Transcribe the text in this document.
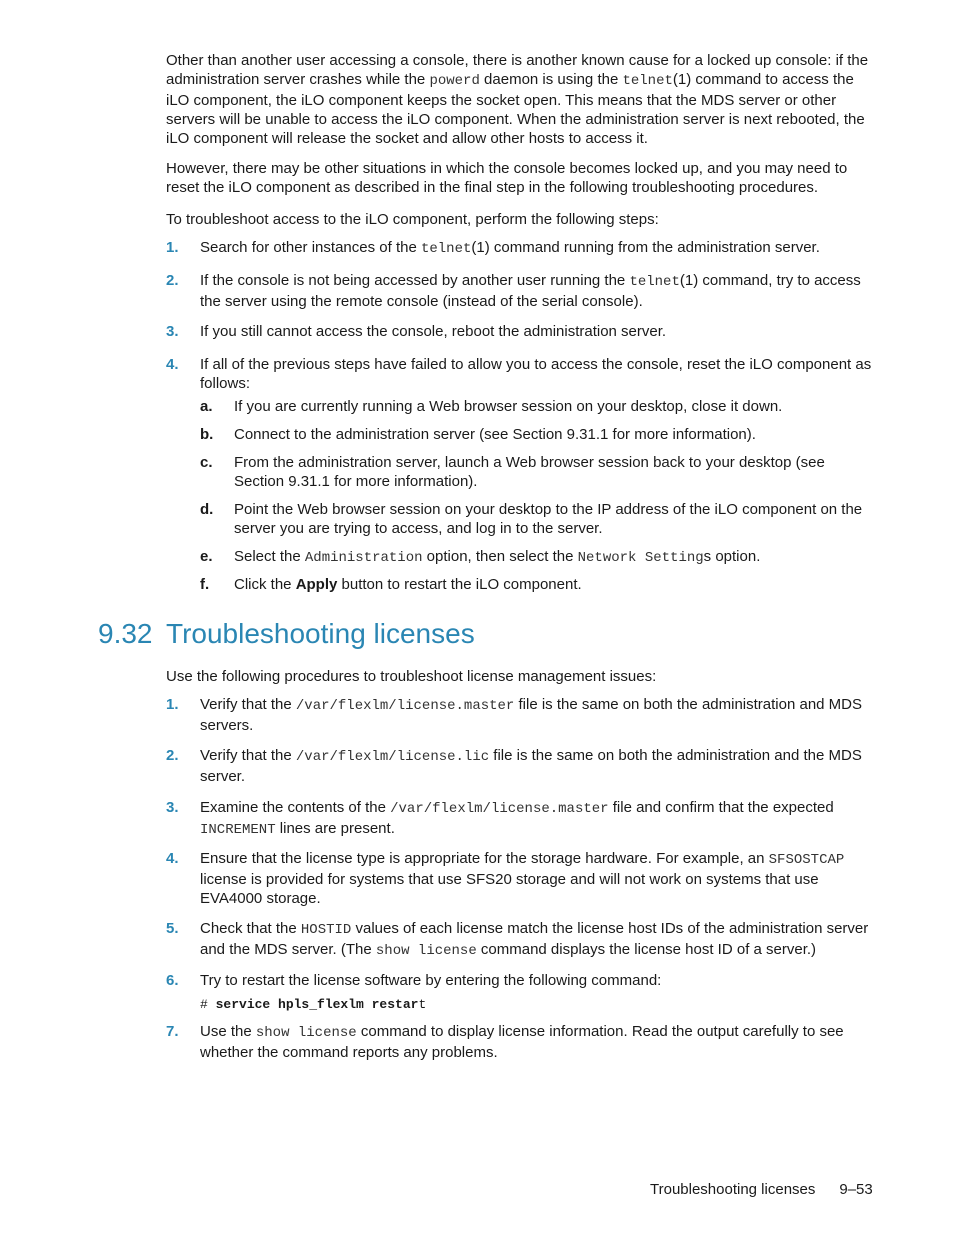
Other than another user accessing a console, there is another known cause for a locked up console: if the administration server crashes while the powerd daemon is using the telnet(1) command to access the iLO component, the iLO component keeps the socket open. This means that the MDS server or other servers will be unable to access the iLO component. When the administration server is next rebooted, the iLO component will release the socket and allow other hosts to access it.

However, there may be other situations in which the console becomes locked up, and you may need to reset the iLO component as described in the final step in the following troubleshooting procedures.

To troubleshoot access to the iLO component, perform the following steps:

1. Search for other instances of the telnet(1) command running from the administration server.
2. If the console is not being accessed by another user running the telnet(1) command, try to access the server using the remote console (instead of the serial console).
3. If you still cannot access the console, reboot the administration server.
4. If all of the previous steps have failed to allow you to access the console, reset the iLO component as follows:
a. If you are currently running a Web browser session on your desktop, close it down.
b. Connect to the administration server (see Section 9.31.1 for more information).
c. From the administration server, launch a Web browser session back to your desktop (see Section 9.31.1 for more information).
d. Point the Web browser session on your desktop to the IP address of the iLO component on the server you are trying to access, and log in to the server.
e. Select the Administration option, then select the Network Settings option.
f. Click the Apply button to restart the iLO component.
9.32 Troubleshooting licenses

Use the following procedures to troubleshoot license management issues:

1. Verify that the /var/flexlm/license.master file is the same on both the administration and MDS servers.
2. Verify that the /var/flexlm/license.lic file is the same on both the administration and the MDS server.
3. Examine the contents of the /var/flexlm/license.master file and confirm that the expected INCREMENT lines are present.
4. Ensure that the license type is appropriate for the storage hardware. For example, an SFSOSTCAP license is provided for systems that use SFS20 storage and will not work on systems that use EVA4000 storage.
5. Check that the HOSTID values of each license match the license host IDs of the administration server and the MDS server. (The show license command displays the license host ID of a server.)
6. Try to restart the license software by entering the following command:
# service hpls_flexlm restart
7. Use the show license command to display license information. Read the output carefully to see whether the command reports any problems.
Troubleshooting licenses 9–53
